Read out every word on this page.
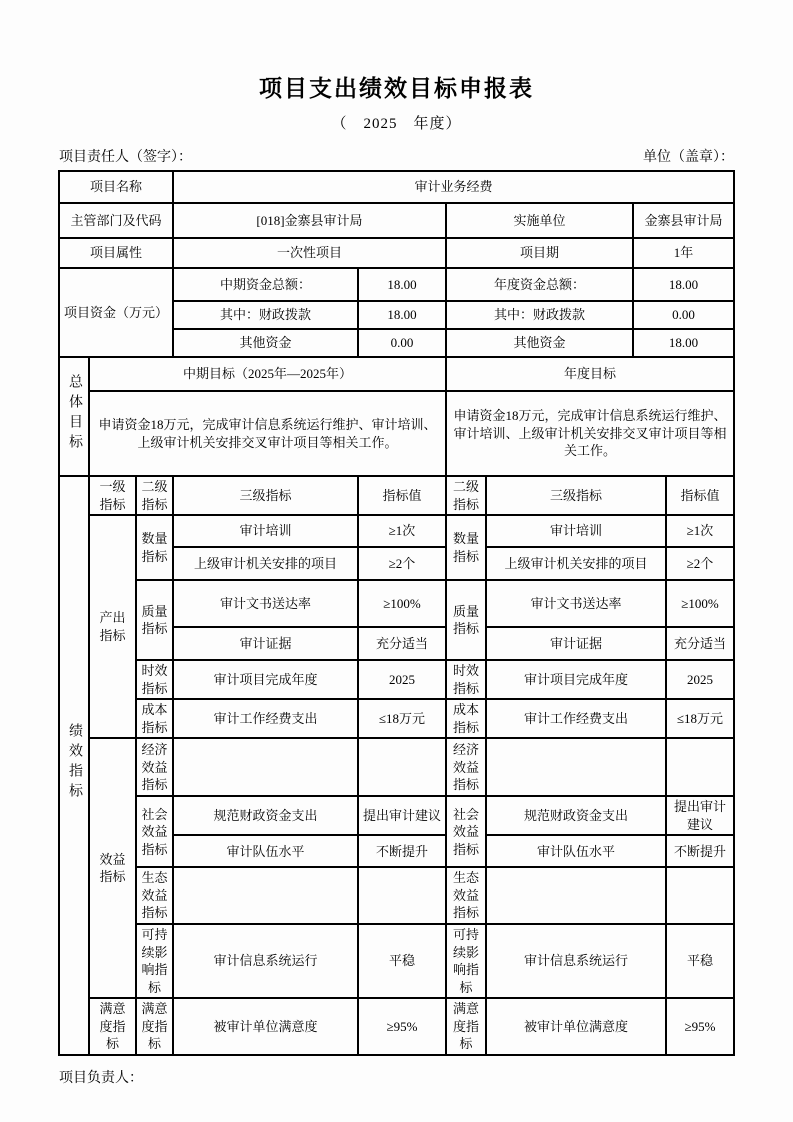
项目支出绩效目标申报表
（　2025　年度）
项目责任人（签字）：	单位（盖章）：
项目名称			审计业务经费					
主管部门及代码			[018]金寨县审计局		实施单位		金寨县审计局	
项目属性			一次性项目		项目期		1年	
项目资金（万元）			中期资金总额：	18.00	年度资金总额：		18.00	
			其中：财政拨款	18.00	其中：财政拨款		0.00	
			其他资金	0.00	其他资金		18.00	
总体目标	中期目标（2025年—2025年）				年度目标			
	申请资金18万元，完成审计信息系统运行维护、审计培训、上级审计机关安排交叉审计项目等相关工作。				申请资金18万元，完成审计信息系统运行维护、审计培训、上级审计机关安排交叉审计项目等相关工作。			
绩效指标	一级指标	二级指标	三级指标	指标值	二级指标	三级指标		指标值
	产出指标	数量指标	审计培训	≥1次	数量指标	审计培训		≥1次
			上级审计机关安排的项目	≥2个		上级审计机关安排的项目		≥2个
		质量指标	审计文书送达率	≥100%	质量指标	审计文书送达率		≥100%
			审计证据	充分适当		审计证据		充分适当
		时效指标	审计项目完成年度	2025	时效指标	审计项目完成年度		2025
		成本指标	审计工作经费支出	≤18万元	成本指标	审计工作经费支出		≤18万元
	效益指标	经济效益指标			经济效益指标			
		社会效益指标	规范财政资金支出	提出审计建议	社会效益指标	规范财政资金支出		提出审计建议
			审计队伍水平	不断提升		审计队伍水平		不断提升
		生态效益指标			生态效益指标			
		可持续影响指标	审计信息系统运行	平稳	可持续影响指标	审计信息系统运行		平稳
	满意度指标	满意度指标	被审计单位满意度	≥95%	满意度指标	被审计单位满意度		≥95%
项目负责人：
